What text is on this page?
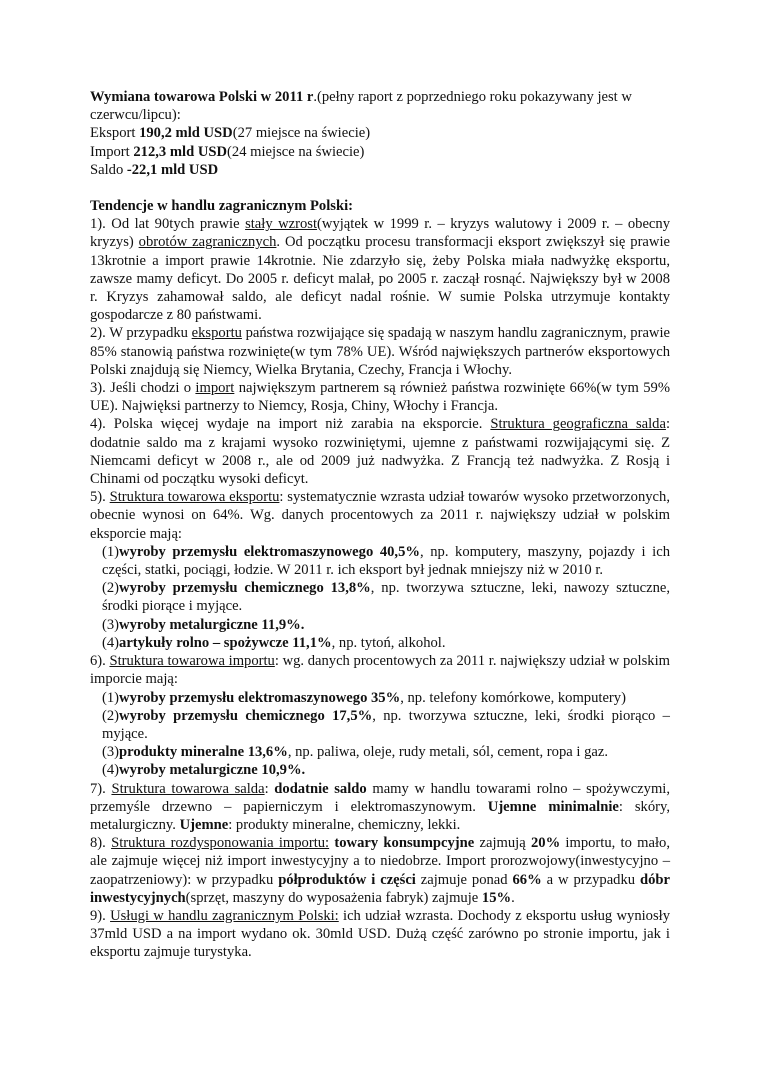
Wymiana towarowa Polski w 2011 r.(pełny raport z poprzedniego roku pokazywany jest w czerwcu/lipcu):

Eksport 190,2 mld USD(27 miejsce na świecie)

Import 212,3 mld USD(24 miejsce na świecie)

Saldo -22,1 mld USD

Tendencje w handlu zagranicznym Polski:

1). Od lat 90tych prawie stały wzrost(wyjątek w 1999 r. – kryzys walutowy i 2009 r. – obecny kryzys) obrotów zagranicznych. Od początku procesu transformacji eksport zwiększył się prawie 13krotnie a import prawie 14krotnie. Nie zdarzyło się, żeby Polska miała nadwyżkę eksportu, zawsze mamy deficyt. Do 2005 r. deficyt malał, po 2005 r. zaczął rosnąć. Największy był w 2008 r. Kryzys zahamował saldo, ale deficyt nadal rośnie. W sumie Polska utrzymuje kontakty gospodarcze z 80 państwami.

2). W przypadku eksportu państwa rozwijające się spadają w naszym handlu zagranicznym, prawie 85% stanowią państwa rozwinięte(w tym 78% UE). Wśród największych partnerów eksportowych Polski znajdują się Niemcy, Wielka Brytania, Czechy, Francja i Włochy.

3). Jeśli chodzi o import największym partnerem są również państwa rozwinięte 66%(w tym 59% UE). Najwięksi partnerzy to Niemcy, Rosja, Chiny, Włochy i Francja.

4). Polska więcej wydaje na import niż zarabia na eksporcie. Struktura geograficzna salda: dodatnie saldo ma z krajami wysoko rozwiniętymi, ujemne z państwami rozwijającymi się. Z Niemcami deficyt w 2008 r., ale od 2009 już nadwyżka. Z Francją też nadwyżka. Z Rosją i Chinami od początku wysoki deficyt.

5). Struktura towarowa eksportu: systematycznie wzrasta udział towarów wysoko przetworzonych, obecnie wynosi on 64%. Wg. danych procentowych za 2011 r. największy udział w polskim eksporcie mają:

(1)wyroby przemysłu elektromaszynowego 40,5%, np. komputery, maszyny, pojazdy i ich części, statki, pociągi, łodzie. W 2011 r. ich eksport był jednak mniejszy niż w 2010 r.

(2)wyroby przemysłu chemicznego 13,8%, np. tworzywa sztuczne, leki, nawozy sztuczne, środki piorące i myjące.

(3)wyroby metalurgiczne 11,9%.

(4)artykuły rolno – spożywcze 11,1%, np. tytoń, alkohol.

6). Struktura towarowa importu: wg. danych procentowych za 2011 r. największy udział w polskim imporcie mają:

(1)wyroby przemysłu elektromaszynowego 35%, np. telefony komórkowe, komputery)

(2)wyroby przemysłu chemicznego 17,5%, np. tworzywa sztuczne, leki, środki piorąco – myjące.

(3)produkty mineralne 13,6%, np. paliwa, oleje, rudy metali, sól, cement, ropa i gaz.

(4)wyroby metalurgiczne 10,9%.

7). Struktura towarowa salda: dodatnie saldo mamy w handlu towarami rolno – spożywczymi, przemyśle drzewno – papierniczym i elektromaszynowym. Ujemne minimalnie: skóry, metalurgiczny. Ujemne: produkty mineralne, chemiczny, lekki.

8). Struktura rozdysponowania importu: towary konsumpcyjne zajmują 20% importu, to mało, ale zajmuje więcej niż import inwestycyjny a to niedobrze. Import prorozwojowy(inwestycyjno – zaopatrzeniowy): w przypadku półproduktów i części zajmuje ponad 66% a w przypadku dóbr inwestycyjnych(sprzęt, maszyny do wyposażenia fabryk) zajmuje 15%.

9). Usługi w handlu zagranicznym Polski: ich udział wzrasta. Dochody z eksportu usług wyniosły 37mld USD a na import wydano ok. 30mld USD. Dużą część zarówno po stronie importu, jak i eksportu zajmuje turystyka.
